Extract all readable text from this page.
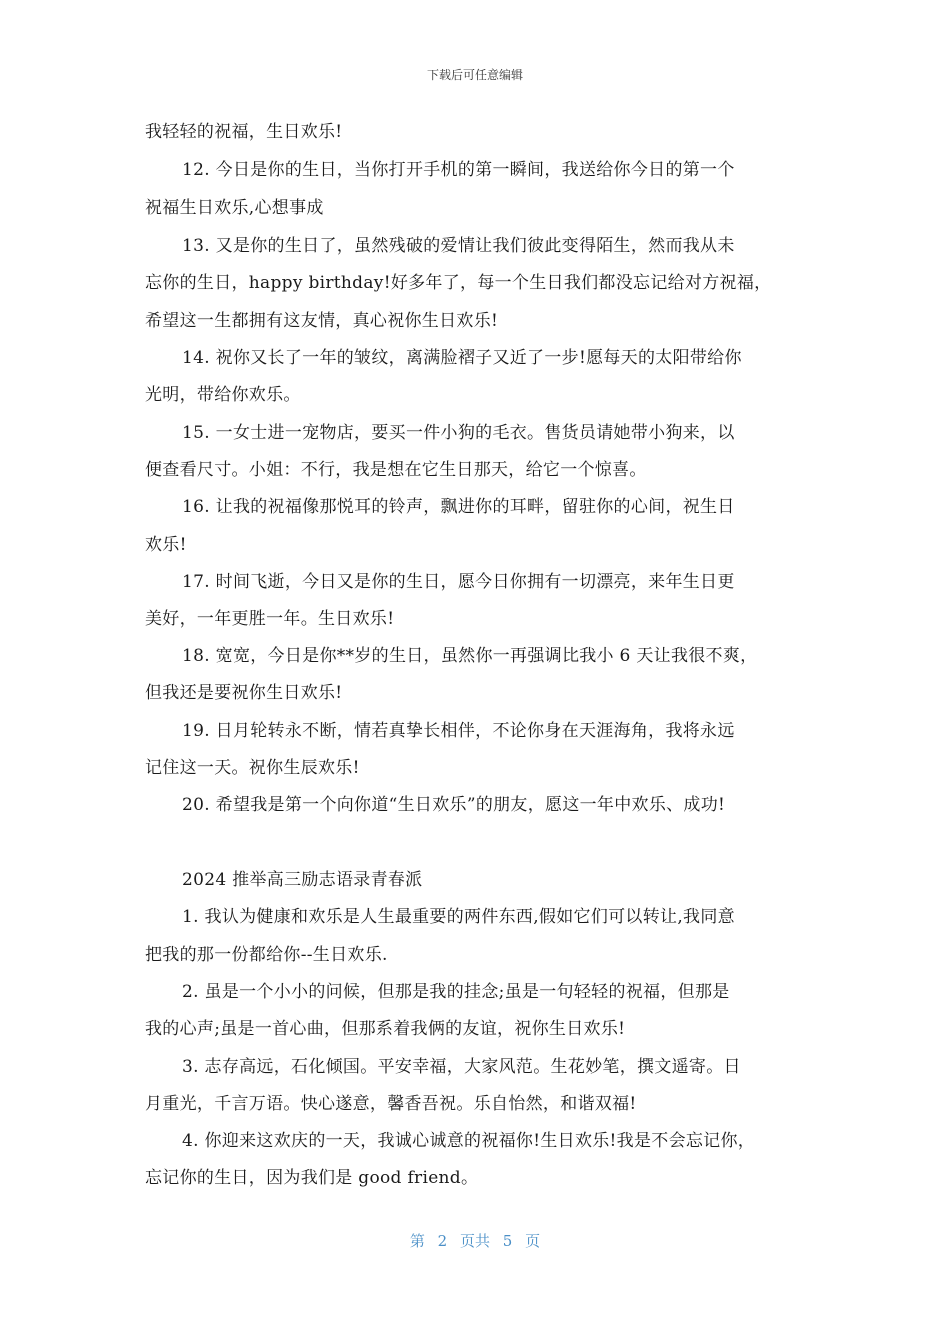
下载后可任意编辑
我轻轻的祝福，生日欢乐!
12. 今日是你的生日，当你打开手机的第一瞬间，我送给你今日的第一个
祝福生日欢乐,心想事成
13. 又是你的生日了，虽然残破的爱情让我们彼此变得陌生，然而我从未
忘你的生日，happy birthday!好多年了，每一个生日我们都没忘记给对方祝福，
希望这一生都拥有这友情，真心祝你生日欢乐!
14. 祝你又长了一年的皱纹，离满脸褶子又近了一步!愿每天的太阳带给你
光明，带给你欢乐。
15. 一女士进一宠物店，要买一件小狗的毛衣。售货员请她带小狗来，以
便查看尺寸。小姐：不行，我是想在它生日那天，给它一个惊喜。
16. 让我的祝福像那悦耳的铃声，飘进你的耳畔，留驻你的心间，祝生日
欢乐!
17. 时间飞逝，今日又是你的生日，愿今日你拥有一切漂亮，来年生日更
美好，一年更胜一年。生日欢乐!
18. 宽宽，今日是你**岁的生日，虽然你一再强调比我小 6 天让我很不爽，
但我还是要祝你生日欢乐!
19. 日月轮转永不断，情若真挚长相伴，不论你身在天涯海角，我将永远
记住这一天。祝你生辰欢乐!
20. 希望我是第一个向你道“生日欢乐”的朋友，愿这一年中欢乐、成功!
2024 推举高三励志语录青春派
1. 我认为健康和欢乐是人生最重要的两件东西,假如它们可以转让,我同意
把我的那一份都给你--生日欢乐.
2. 虽是一个小小的问候，但那是我的挂念;虽是一句轻轻的祝福，但那是
我的心声;虽是一首心曲，但那系着我俩的友谊，祝你生日欢乐!
3. 志存高远，石化倾国。平安幸福，大家风范。生花妙笔，撰文遥寄。日
月重光，千言万语。快心遂意，馨香吾祝。乐自怡然，和谐双福!
4. 你迎来这欢庆的一天，我诚心诚意的祝福你!生日欢乐!我是不会忘记你，
忘记你的生日，因为我们是 good friend。
第 2 页共 5 页
